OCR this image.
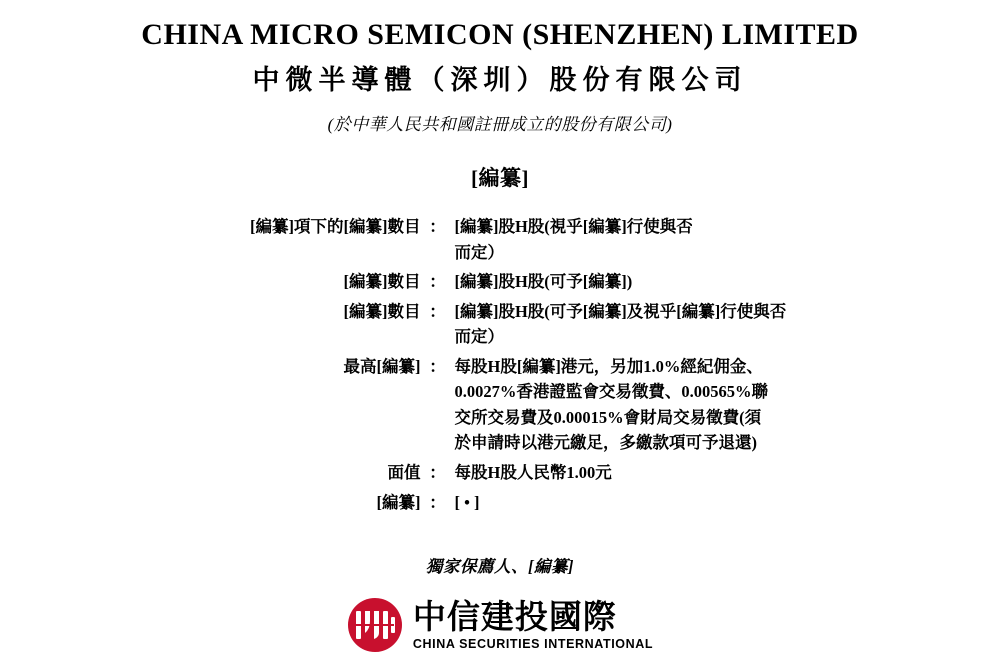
CHINA MICRO SEMICON (SHENZHEN) LIMITED
中微半導體（深圳）股份有限公司
(於中華人民共和國註冊成立的股份有限公司)
[編纂]
[編纂]項下的[編纂]數目	：	[編纂]股H股(視乎[編纂]行使與否
而定）

[編纂]數目	：	[編纂]股H股(可予[編纂])

[編纂]數目	：	[編纂]股H股(可予[編纂]及視乎[編纂]行使與否
而定）

最高[編纂]	：	每股H股[編纂]港元，另加1.0%經紀佣金、
0.0027%香港證監會交易徵費、0.00565%聯
交所交易費及0.00015%會財局交易徵費(須
於申請時以港元繳足，多繳款項可予退還)

面值	：	每股H股人民幣1.00元

[編纂]	：	[ • ]
獨家保薦人、[編纂]
中信建投國際
CHINA SECURITIES INTERNATIONAL
